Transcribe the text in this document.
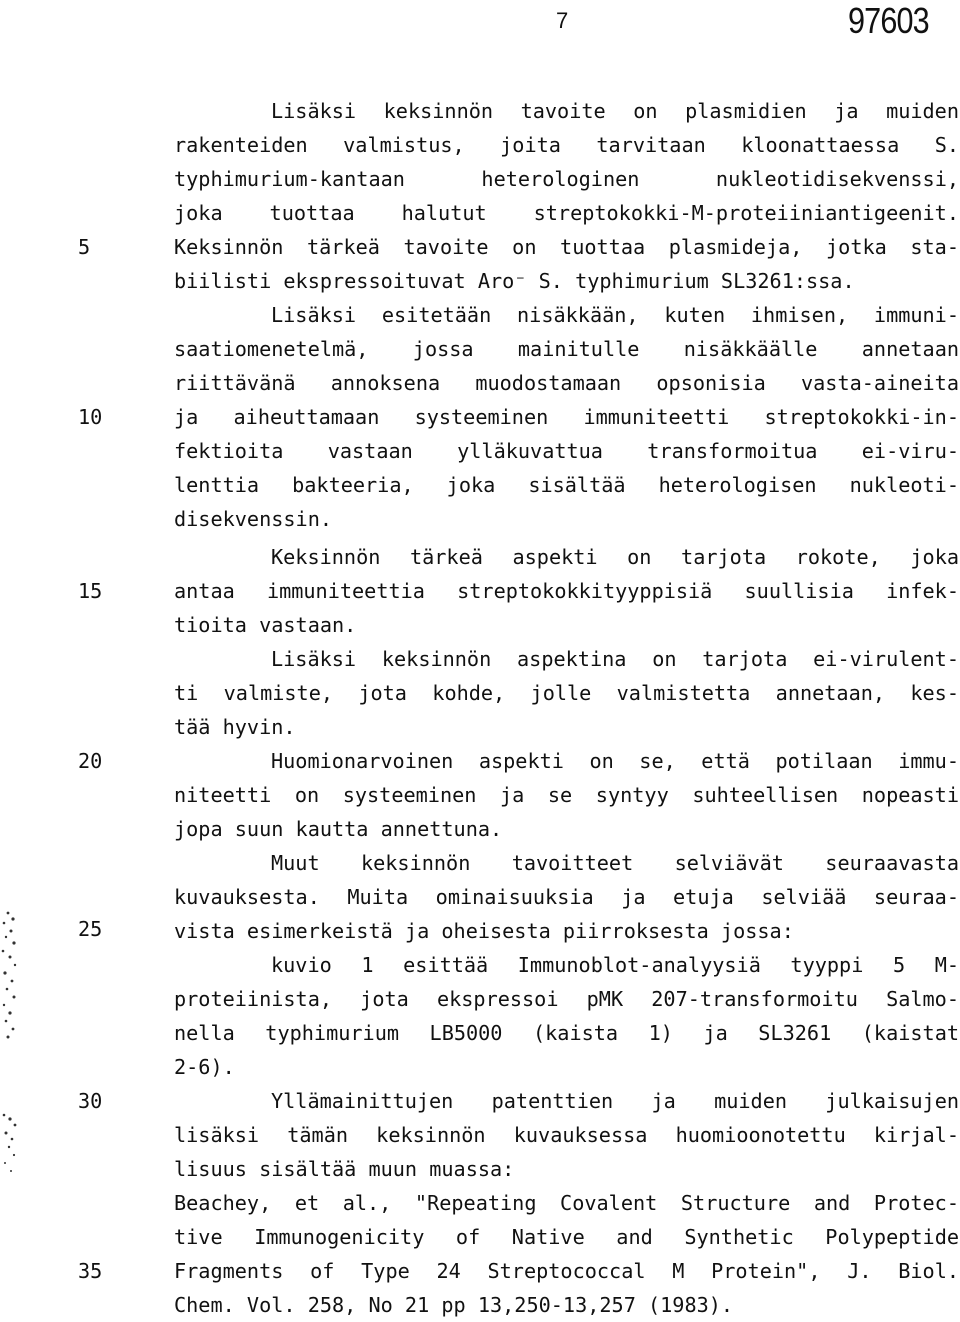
7	97603
5
10
15
20
25
30
35
Lisäksi keksinnön tavoite on plasmidien ja muiden
rakenteiden valmistus, joita tarvitaan kloonattaessa S.
typhimurium-kantaan heterologinen nukleotidisekvenssi,
joka tuottaa halutut streptokokki-M-proteiiniantigeenit.
Keksinnön tärkeä tavoite on tuottaa plasmideja, jotka sta-
biilisti ekspressoituvat Aro⁻ S. typhimurium SL3261:ssa.
Lisäksi esitetään nisäkkään, kuten ihmisen, immuni-
saatiomenetelmä, jossa mainitulle nisäkkäälle annetaan
riittävänä annoksena muodostamaan opsonisia vasta-aineita
ja aiheuttamaan systeeminen immuniteetti streptokokki-in-
fektioita vastaan ylläkuvattua transformoitua ei-viru-
lenttia bakteeria, joka sisältää heterologisen nukleoti-
disekvenssin.
Keksinnön tärkeä aspekti on tarjota rokote, joka
antaa immuniteettia streptokokkityyppisiä suullisia infek-
tioita vastaan.
Lisäksi keksinnön aspektina on tarjota ei-virulent-
ti valmiste, jota kohde, jolle valmistetta annetaan, kes-
tää hyvin.
Huomionarvoinen aspekti on se, että potilaan immu-
niteetti on systeeminen ja se syntyy suhteellisen nopeasti
jopa suun kautta annettuna.
Muut keksinnön tavoitteet selviävät seuraavasta
kuvauksesta. Muita ominaisuuksia ja etuja selviää seuraa-
vista esimerkeistä ja oheisesta piirroksesta jossa:
kuvio 1 esittää Immunoblot-analyysiä tyyppi 5 M-
proteiinista, jota ekspressoi pMK 207-transformoitu Salmo-
nella typhimurium LB5000 (kaista 1) ja SL3261 (kaistat
2-6).
Yllämainittujen patenttien ja muiden julkaisujen
lisäksi tämän keksinnön kuvauksessa huomioonotettu kirjal-
lisuus sisältää muun muassa:
Beachey, et al., "Repeating Covalent Structure and Protec-
tive Immunogenicity of Native and Synthetic Polypeptide
Fragments of Type 24 Streptococcal M Protein", J. Biol.
Chem. Vol. 258, No 21 pp 13,250-13,257 (1983).
